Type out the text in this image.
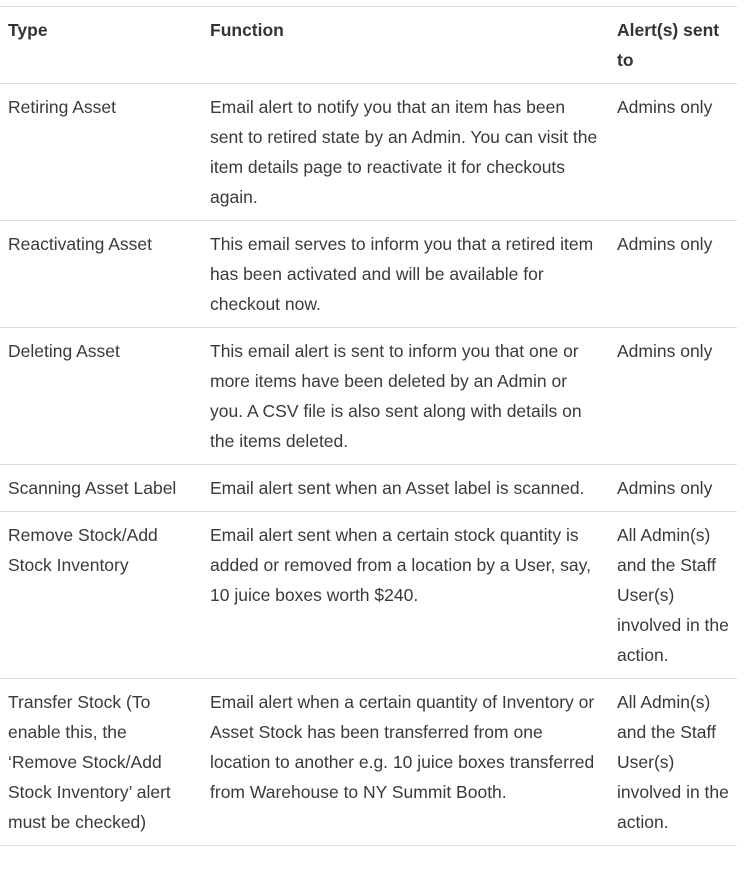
Type	Function	Alert(s) sent to
Retiring Asset	Email alert to notify you that an item has been sent to retired state by an Admin. You can visit the item details page to reactivate it for checkouts again.	Admins only
Reactivating Asset	This email serves to inform you that a retired item has been activated and will be available for checkout now.	Admins only
Deleting Asset	This email alert is sent to inform you that one or more items have been deleted by an Admin or you. A CSV file is also sent along with details on the items deleted.	Admins only
Scanning Asset Label	Email alert sent when an Asset label is scanned.	Admins only
Remove Stock/Add Stock Inventory	Email alert sent when a certain stock quantity is added or removed from a location by a User, say, 10 juice boxes worth $240.	All Admin(s) and the Staff User(s) involved in the action.
Transfer Stock (To enable this, the ‘Remove Stock/Add Stock Inventory’ alert must be checked)	Email alert when a certain quantity of Inventory or Asset Stock has been transferred from one location to another e.g. 10 juice boxes transferred from Warehouse to NY Summit Booth.	All Admin(s) and the Staff User(s) involved in the action.
